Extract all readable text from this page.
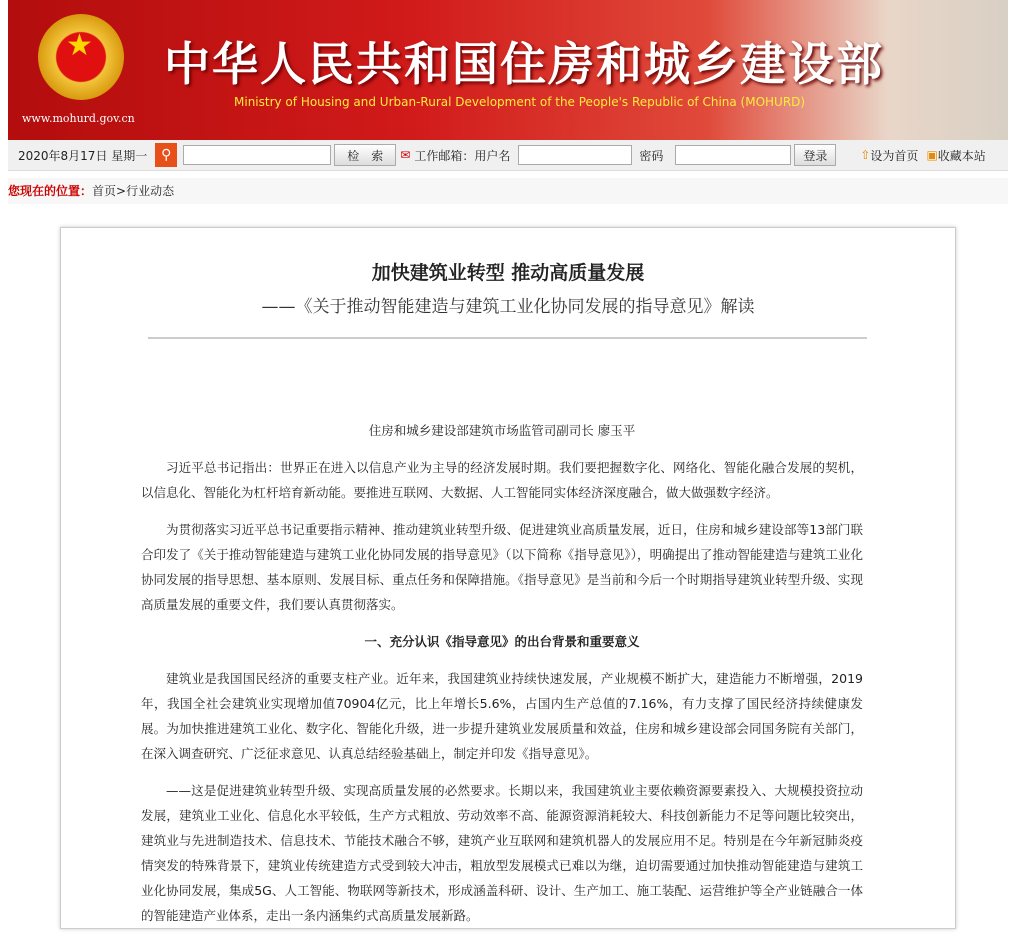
★
www.mohurd.gov.cn
中华人民共和国住房和城乡建设部
Ministry of Housing and Urban-Rural Development of the People's Republic of China (MOHURD)
2020年8月17日 星期一 ⚲	检　索	✉ 工作邮箱：用户名	密码	登录	⇧ 设为首页 ▣ 收藏本站
您现在的位置：首页>行业动态
加快建筑业转型 推动高质量发展
——《关于推动智能建造与建筑工业化协同发展的指导意见》解读

住房和城乡建设部建筑市场监管司副司长 廖玉平

习近平总书记指出：世界正在进入以信息产业为主导的经济发展时期。我们要把握数字化、网络化、智能化融合发展的契机，以信息化、智能化为杠杆培育新动能。要推进互联网、大数据、人工智能同实体经济深度融合，做大做强数字经济。

为贯彻落实习近平总书记重要指示精神、推动建筑业转型升级、促进建筑业高质量发展，近日，住房和城乡建设部等13部门联合印发了《关于推动智能建造与建筑工业化协同发展的指导意见》（以下简称《指导意见》），明确提出了推动智能建造与建筑工业化协同发展的指导思想、基本原则、发展目标、重点任务和保障措施。《指导意见》是当前和今后一个时期指导建筑业转型升级、实现高质量发展的重要文件，我们要认真贯彻落实。

一、充分认识《指导意见》的出台背景和重要意义

建筑业是我国国民经济的重要支柱产业。近年来，我国建筑业持续快速发展，产业规模不断扩大，建造能力不断增强，2019年，我国全社会建筑业实现增加值70904亿元，比上年增长5.6%，占国内生产总值的7.16%，有力支撑了国民经济持续健康发展。为加快推进建筑工业化、数字化、智能化升级，进一步提升建筑业发展质量和效益，住房和城乡建设部会同国务院有关部门，在深入调查研究、广泛征求意见、认真总结经验基础上，制定并印发《指导意见》。

——这是促进建筑业转型升级、实现高质量发展的必然要求。长期以来，我国建筑业主要依赖资源要素投入、大规模投资拉动发展，建筑业工业化、信息化水平较低，生产方式粗放、劳动效率不高、能源资源消耗较大、科技创新能力不足等问题比较突出，建筑业与先进制造技术、信息技术、节能技术融合不够，建筑产业互联网和建筑机器人的发展应用不足。特别是在今年新冠肺炎疫情突发的特殊背景下，建筑业传统建造方式受到较大冲击，粗放型发展模式已难以为继，迫切需要通过加快推动智能建造与建筑工业化协同发展，集成5G、人工智能、物联网等新技术，形成涵盖科研、设计、生产加工、施工装配、运营维护等全产业链融合一体的智能建造产业体系，走出一条内涵集约式高质量发展新路。
